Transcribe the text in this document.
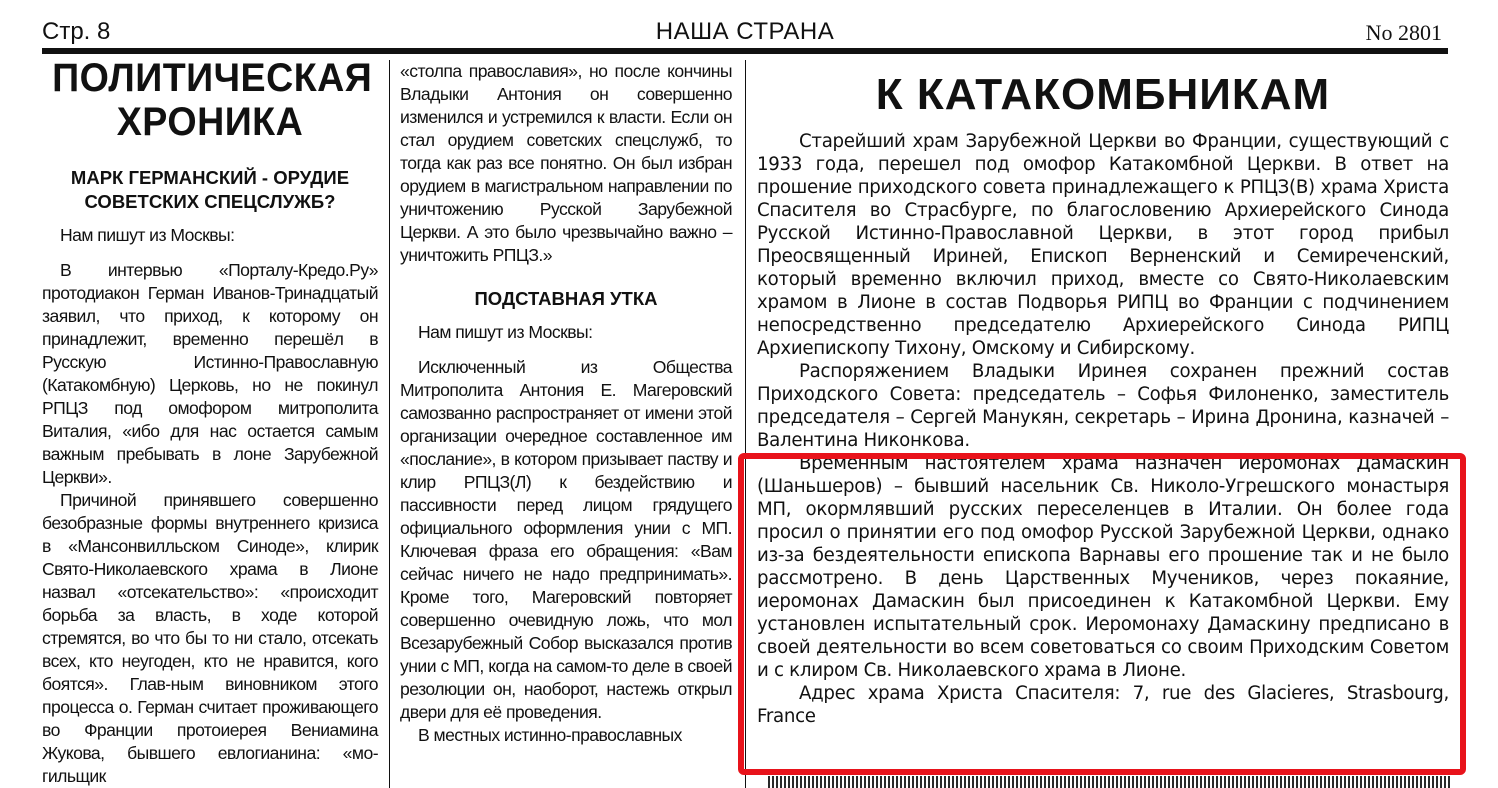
Стр. 8	НАША СТРАНА	No 2801
ПОЛИТИЧЕСКАЯ ХРОНИКА
МАРК ГЕРМАНСКИЙ - ОРУДИЕ СОВЕТСКИХ СПЕЦСЛУЖБ?

Нам пишут из Москвы:

В интервью «Порталу-Кредо.Ру» протодиакон Герман Иванов-Тринадцатый заявил, что приход, к которому он принадлежит, временно перешёл в Русскую Истинно-Православную (Катакомбную) Церковь, но не покинул РПЦЗ под омофором митрополита Виталия, «ибо для нас остается самым важным пребывать в лоне Зарубежной Церкви».

Причиной принявшего совершенно безобразные формы внутреннего кризиса в «Мансонвилльском Синоде», клирик Свято-Николаевского храма в Лионе назвал «отсекательство»: «происходит борьба за власть, в ходе которой стремятся, во что бы то ни стало, отсекать всех, кто неугоден, кто не нравится, кого боятся». Глав-ным виновником этого процесса о. Герман считает проживающего во Франции протоиерея Вениамина Жукова, бывшего евлогианина: «мо-гильщик

«столпа православия», но после кончины Владыки Антония он совершенно изменился и устремился к власти. Если он стал орудием советских спецслужб, то тогда как раз все понятно. Он был избран орудием в магистральном направлении по уничтожению Русской Зарубежной Церкви. А это было чрезвычайно важно – уничтожить РПЦЗ.»

ПОДСТАВНАЯ УТКА

Нам пишут из Москвы:

Исключенный из Общества Митрополита Антония Е. Магеровский самозванно распространяет от имени этой организации очередное составленное им «послание», в котором призывает паству и клир РПЦЗ(Л) к бездействию и пассивности перед лицом грядущего официального оформления унии с МП. Ключевая фраза его обращения: «Вам сейчас ничего не надо предпринимать». Кроме того, Магеровский повторяет совершенно очевидную ложь, что мол Всезарубежный Собор высказался против унии с МП, когда на самом-то деле в своей резолюции он, наоборот, настежь открыл двери для её проведения.

В местных истинно-православных

К КАТАКОМБНИКАМ

Старейший храм Зарубежной Церкви во Франции, существующий с 1933 года, перешел под омофор Катакомбной Церкви. В ответ на прошение приходского совета принадлежащего к РПЦЗ(В) храма Христа Спасителя во Страсбурге, по благословению Архиерейского Синода Русской Истинно-Православной Церкви, в этот город прибыл Преосвященный Ириней, Епископ Верненский и Семиреченский, который временно включил приход, вместе со Свято-Николаевским храмом в Лионе в состав Подворья РИПЦ во Франции с подчинением непосредственно председателю Архиерейского Синода РИПЦ Архиепископу Тихону, Омскому и Сибирскому.

Распоряжением Владыки Иринея сохранен прежний состав Приходского Совета: председатель – Софья Филоненко, заместитель председателя – Сергей Манукян, секретарь – Ирина Дронина, казначей – Валентина Никонкова.

Временным настоятелем храма назначен иеромонах Дамаскин (Шаньшеров) – бывший насельник Св. Николо-Угрешского монастыря МП, окормлявший русских переселенцев в Италии. Он более года просил о принятии его под омофор Русской Зарубежной Церкви, однако из-за бездеятельности епископа Варнавы его прошение так и не было рассмотрено. В день Царственных Мучеников, через покаяние, иеромонах Дамаскин был присоединен к Катакомбной Церкви. Ему установлен испытательный срок. Иеромонаху Дамаскину предписано в своей деятельности во всем советоваться со своим Приходским Советом и с клиром Св. Николаевского храма в Лионе.

Адрес храма Христа Спасителя: 7, rue des Glacieres, Strasbourg, France
